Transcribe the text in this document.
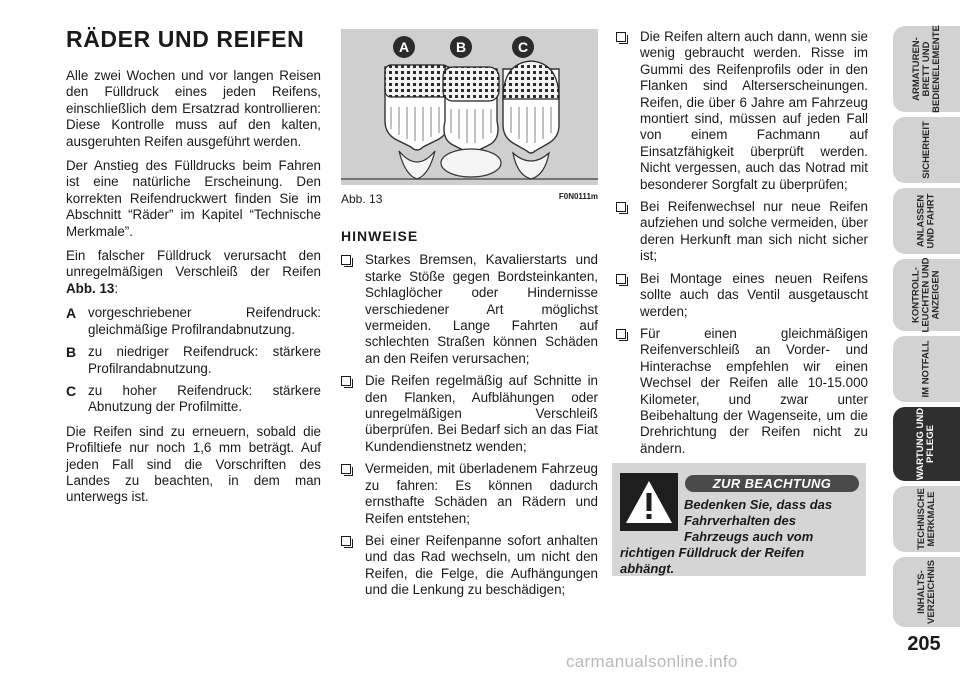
RÄDER UND REIFEN

Alle zwei Wochen und vor langen Reisen den Fülldruck eines jeden Reifens, einschließlich dem Ersatzrad kontrollieren: Diese Kontrolle muss auf den kalten, ausgeruhten Reifen ausgeführt werden.

Der Anstieg des Fülldrucks beim Fahren ist eine natürliche Erscheinung. Den korrekten Reifendruckwert finden Sie im Abschnitt “Räder” im Kapitel “Technische Merkmale”.

Ein falscher Fülldruck verursacht den unregelmäßigen Verschleiß der Reifen Abb. 13:

A vorgeschriebener Reifendruck: gleichmäßige Profilrandabnutzung.
B zu niedriger Reifendruck: stärkere Profilrandabnutzung.
C zu hoher Reifendruck: stärkere Abnutzung der Profilmitte.

Die Reifen sind zu erneuern, sobald die Profiltiefe nur noch 1,6 mm beträgt. Auf jeden Fall sind die Vorschriften des Landes zu beachten, in dem man unterwegs ist.

A	B	C
Abb. 13	F0N0111m
HINWEISE
Starkes Bremsen, Kavalierstarts und starke Stöße gegen Bordsteinkanten, Schlaglöcher oder Hindernisse verschiedener Art möglichst vermeiden. Lange Fahrten auf schlechten Straßen können Schäden an den Reifen verursachen;
Die Reifen regelmäßig auf Schnitte in den Flanken, Aufblähungen oder unregelmäßigen Verschleiß überprüfen. Bei Bedarf sich an das Fiat Kundendienstnetz wenden;
Vermeiden, mit überladenem Fahrzeug zu fahren: Es können dadurch ernsthafte Schäden an Rädern und Reifen entstehen;
Bei einer Reifenpanne sofort anhalten und das Rad wechseln, um nicht den Reifen, die Felge, die Aufhängungen und die Lenkung zu beschädigen;
Die Reifen altern auch dann, wenn sie wenig gebraucht werden. Risse im Gummi des Reifenprofils oder in den Flanken sind Alterserscheinungen. Reifen, die über 6 Jahre am Fahrzeug montiert sind, müssen auf jeden Fall von einem Fachmann auf Einsatzfähigkeit überprüft werden. Nicht vergessen, auch das Notrad mit besonderer Sorgfalt zu überprüfen;
Bei Reifenwechsel nur neue Reifen aufziehen und solche vermeiden, über deren Herkunft man sich nicht sicher ist;
Bei Montage eines neuen Reifens sollte auch das Ventil ausgetauscht werden;
Für einen gleichmäßigen Reifenverschleiß an Vorder- und Hinterachse empfehlen wir einen Wechsel der Reifen alle 10-15.000 Kilometer, und zwar unter Beibehaltung der Wagenseite, um die Drehrichtung der Reifen nicht zu ändern.
ZUR BEACHTUNG

Bedenken Sie, dass das Fahrverhalten des Fahrzeugs auch vom richtigen Fülldruck der Reifen abhängt.

ARMATUREN-
BRETT UND
BEDIENELEMENTE
SICHERHEIT
ANLASSEN
UND FAHRT
KONTROLL-
LEUCHTEN UND
ANZEIGEN
IM NOTFALL
WARTUNG UND
PFLEGE
TECHNISCHE
MERKMALE
INHALTS-
VERZEICHNIS
205
carmanualsonline.info
